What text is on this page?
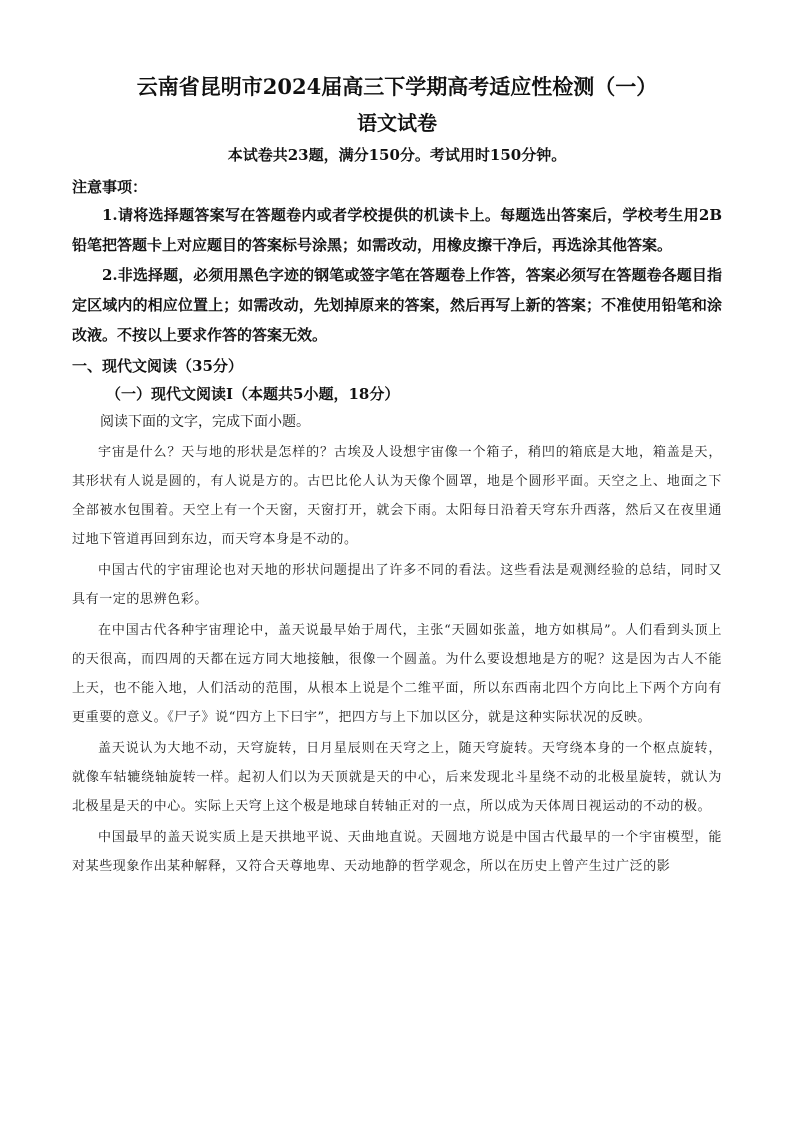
云南省昆明市2024届高三下学期高考适应性检测（一）
语文试卷

本试卷共23题，满分150分。考试用时150分钟。

注意事项：

1.请将选择题答案写在答题卷内或者学校提供的机读卡上。每题选出答案后，学校考生用2B铅笔把答题卡上对应题目的答案标号涂黑；如需改动，用橡皮擦干净后，再选涂其他答案。

2.非选择题，必须用黑色字迹的钢笔或签字笔在答题卷上作答，答案必须写在答题卷各题目指定区域内的相应位置上；如需改动，先划掉原来的答案，然后再写上新的答案；不准使用铅笔和涂改液。不按以上要求作答的答案无效。

一、现代文阅读（35分）

（一）现代文阅读Ⅰ（本题共5小题，18分）

阅读下面的文字，完成下面小题。

宇宙是什么？天与地的形状是怎样的？古埃及人设想宇宙像一个箱子，稍凹的箱底是大地，箱盖是天，其形状有人说是圆的，有人说是方的。古巴比伦人认为天像个圆罩，地是个圆形平面。天空之上、地面之下全部被水包围着。天空上有一个天窗，天窗打开，就会下雨。太阳每日沿着天穹东升西落，然后又在夜里通过地下管道再回到东边，而天穹本身是不动的。

中国古代的宇宙理论也对天地的形状问题提出了许多不同的看法。这些看法是观测经验的总结，同时又具有一定的思辨色彩。

在中国古代各种宇宙理论中，盖天说最早始于周代，主张“天圆如张盖，地方如棋局”。人们看到头顶上的天很高，而四周的天都在远方同大地接触，很像一个圆盖。为什么要设想地是方的呢？这是因为古人不能上天，也不能入地，人们活动的范围，从根本上说是个二维平面，所以东西南北四个方向比上下两个方向有更重要的意义。《尸子》说“四方上下曰宇”，把四方与上下加以区分，就是这种实际状况的反映。

盖天说认为大地不动，天穹旋转，日月星辰则在天穹之上，随天穹旋转。天穹绕本身的一个枢点旋转，就像车轱辘绕轴旋转一样。起初人们以为天顶就是天的中心，后来发现北斗星绕不动的北极星旋转，就认为北极星是天的中心。实际上天穹上这个极是地球自转轴正对的一点，所以成为天体周日视运动的不动的极。

中国最早的盖天说实质上是天拱地平说、天曲地直说。天圆地方说是中国古代最早的一个宇宙模型，能对某些现象作出某种解释，又符合天尊地卑、天动地静的哲学观念，所以在历史上曾产生过广泛的影
